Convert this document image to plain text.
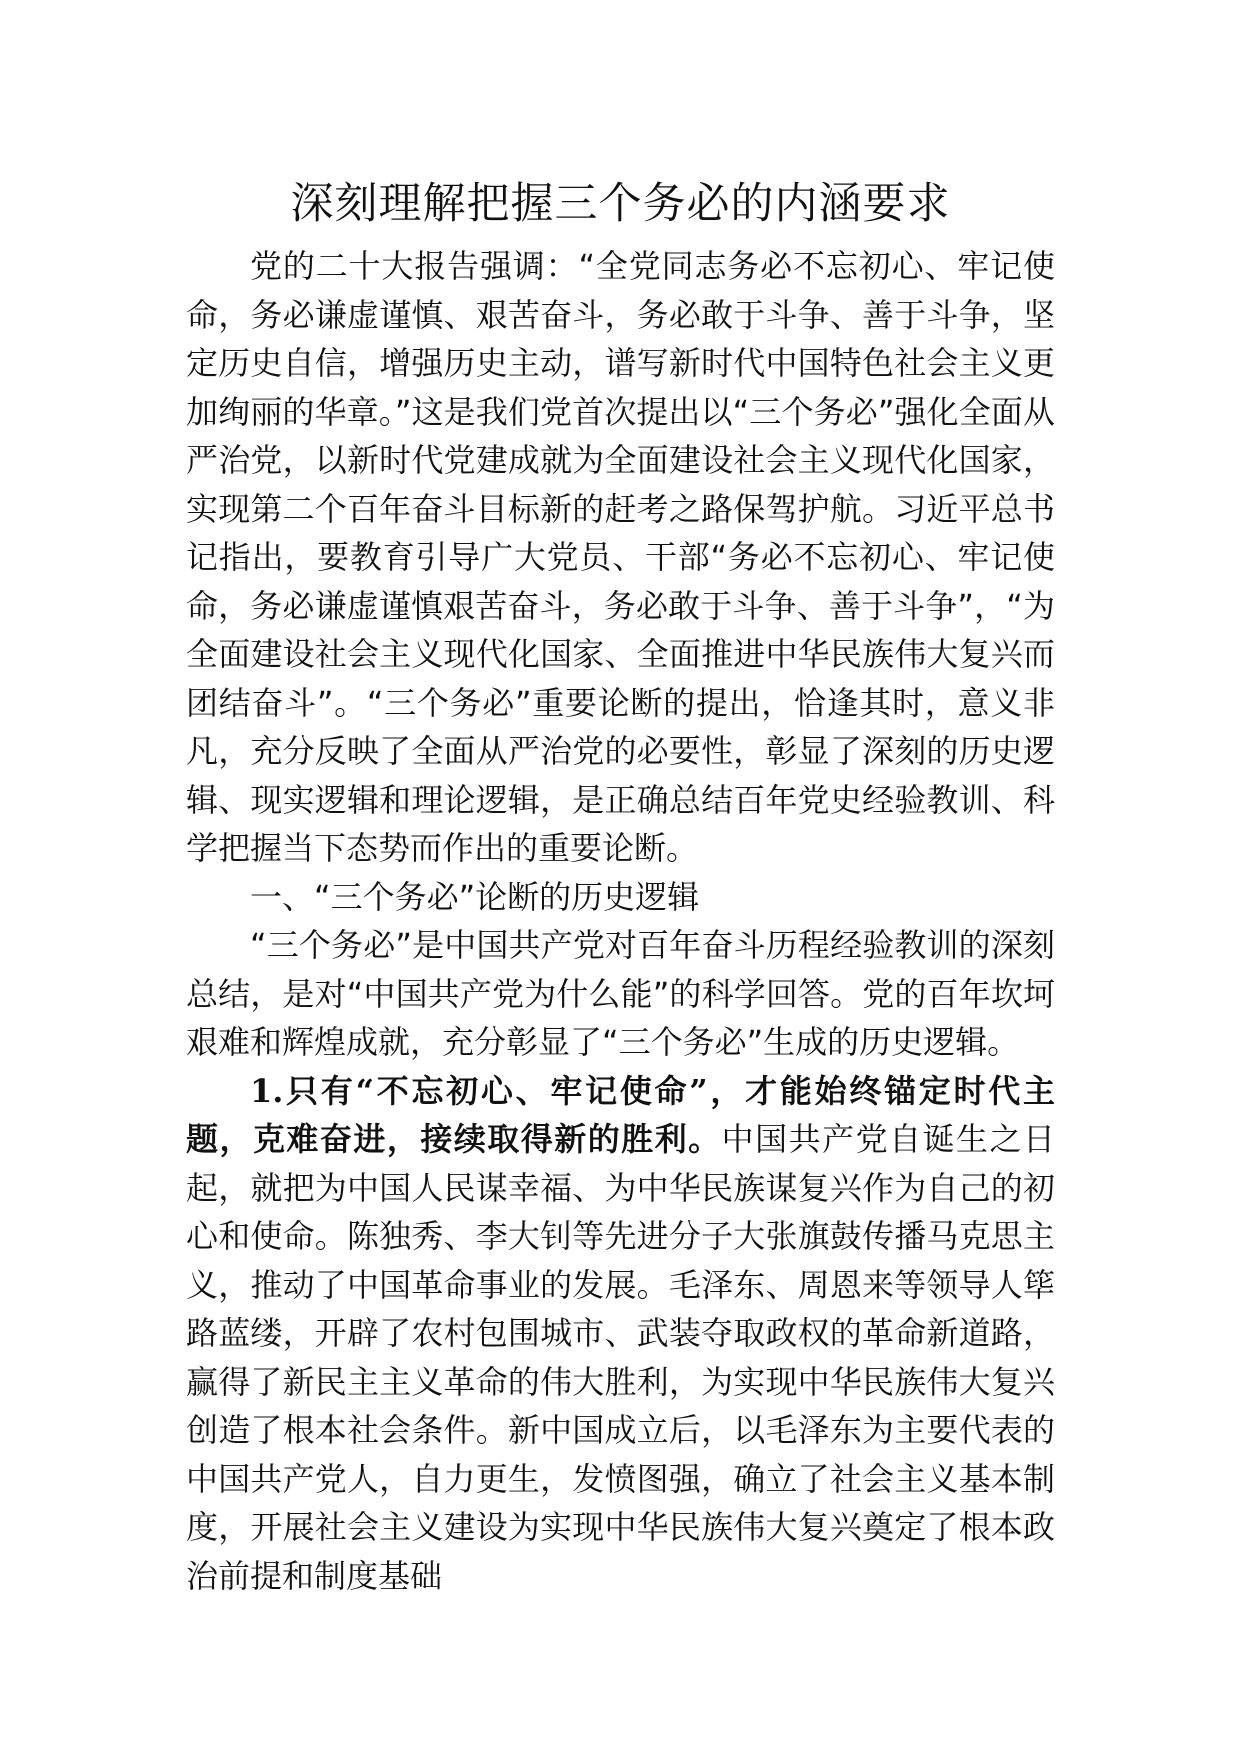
深刻理解把握三个务必的内涵要求

党的二十大报告强调：“全党同志务必不忘初心、牢记使命，务必谦虚谨慎、艰苦奋斗，务必敢于斗争、善于斗争，坚定历史自信，增强历史主动，谱写新时代中国特色社会主义更加绚丽的华章。”这是我们党首次提出以“三个务必”强化全面从严治党，以新时代党建成就为全面建设社会主义现代化国家，实现第二个百年奋斗目标新的赶考之路保驾护航。习近平总书记指出，要教育引导广大党员、干部“务必不忘初心、牢记使命，务必谦虚谨慎艰苦奋斗，务必敢于斗争、善于斗争”，“为全面建设社会主义现代化国家、全面推进中华民族伟大复兴而团结奋斗”。“三个务必”重要论断的提出，恰逢其时，意义非凡，充分反映了全面从严治党的必要性，彰显了深刻的历史逻辑、现实逻辑和理论逻辑，是正确总结百年党史经验教训、科学把握当下态势而作出的重要论断。

一、“三个务必”论断的历史逻辑

“三个务必”是中国共产党对百年奋斗历程经验教训的深刻总结，是对“中国共产党为什么能”的科学回答。党的百年坎坷艰难和辉煌成就，充分彰显了“三个务必”生成的历史逻辑。

1.只有“不忘初心、牢记使命”，才能始终锚定时代主题，克难奋进，接续取得新的胜利。中国共产党自诞生之日起，就把为中国人民谋幸福、为中华民族谋复兴作为自己的初心和使命。陈独秀、李大钊等先进分子大张旗鼓传播马克思主义，推动了中国革命事业的发展。毛泽东、周恩来等领导人筚路蓝缕，开辟了农村包围城市、武装夺取政权的革命新道路，赢得了新民主主义革命的伟大胜利，为实现中华民族伟大复兴创造了根本社会条件。新中国成立后，以毛泽东为主要代表的中国共产党人，自力更生，发愤图强，确立了社会主义基本制度，开展社会主义建设为实现中华民族伟大复兴奠定了根本政治前提和制度基础
